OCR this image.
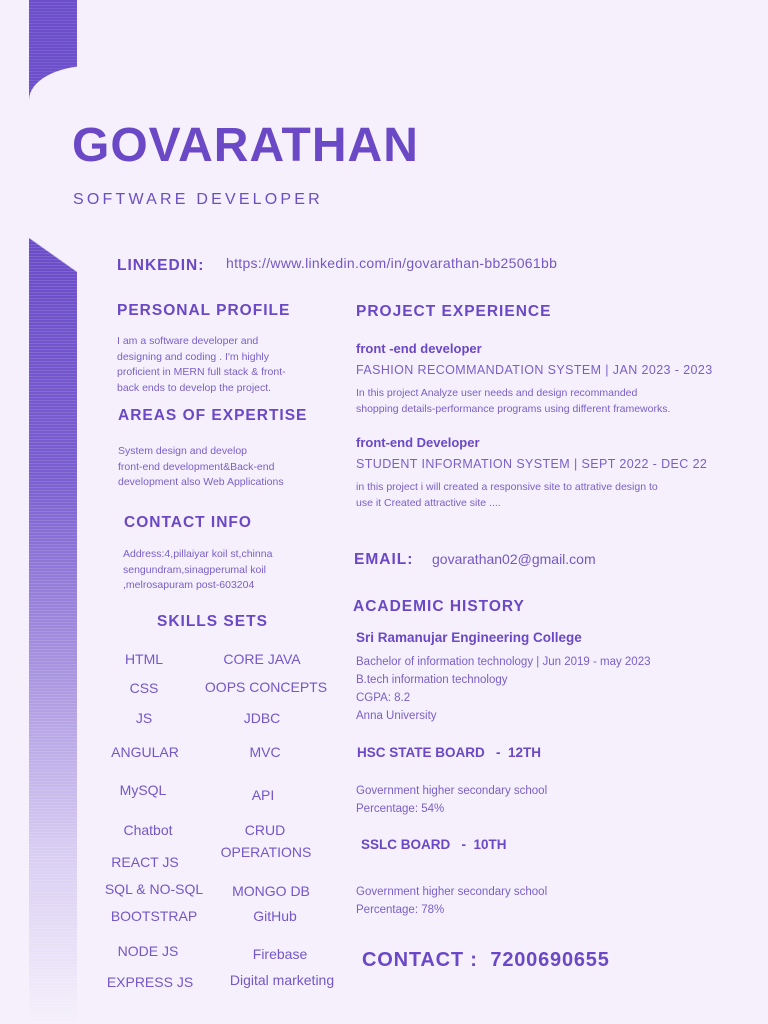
GOVARATHAN
SOFTWARE DEVELOPER
LINKEDIN: https://www.linkedin.com/in/govarathan-bb25061bb
PERSONAL PROFILE
I am a software developer and
designing and coding . I'm highly
proficient in MERN full stack & front-
back ends to develop the project.
AREAS OF EXPERTISE
System design and develop
front-end development&Back-end
development also Web Applications
CONTACT INFO
Address:4,pillaiyar koil st,chinna
sengundram,sinagperumal koil
,melrosapuram post-603204
SKILLS SETS
HTML	CORE JAVA
CSS	OOPS CONCEPTS
JS	JDBC
ANGULAR	MVC
MySQL	API
Chatbot	CRUD
OPERATIONS
REACT JS
SQL & NO-SQL	MONGO DB
BOOTSTRAP	GitHub
NODE JS	Firebase
EXPRESS JS	Digital marketing
PROJECT EXPERIENCE
front -end developer
FASHION RECOMMANDATION SYSTEM | JAN 2023 - 2023
In this project Analyze user needs and design recommanded
shopping details-performance programs using different frameworks.
front-end Developer
STUDENT INFORMATION SYSTEM | SEPT 2022 - DEC 22
in this project i will created a responsive site to attrative design to
use it Created attractive site ....
EMAIL: govarathan02@gmail.com
ACADEMIC HISTORY
Sri Ramanujar Engineering College
Bachelor of information technology | Jun 2019 - may 2023
B.tech information technology
CGPA: 8.2
Anna University
HSC STATE BOARD   -  12TH
Government higher secondary school
Percentage: 54%
SSLC BOARD   -  10TH
Government higher secondary school
Percentage: 78%
CONTACT :  7200690655
